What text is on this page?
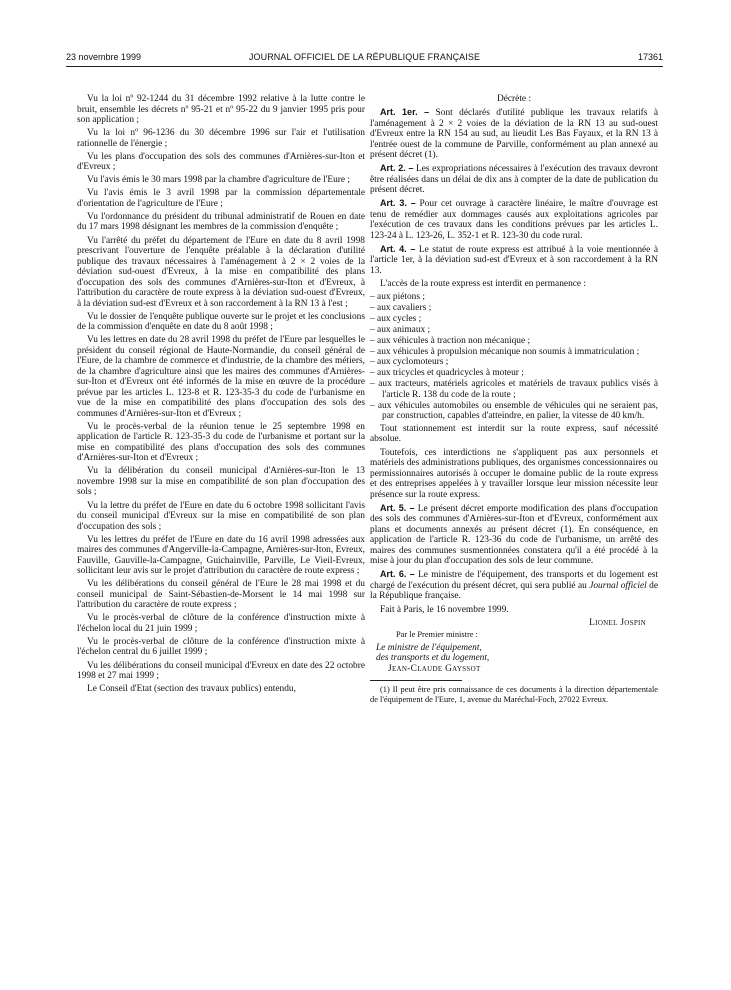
23 novembre 1999	JOURNAL OFFICIEL DE LA RÉPUBLIQUE FRANÇAISE	17361

Vu la loi nº 92-1244 du 31 décembre 1992 relative à la lutte contre le bruit, ensemble les décrets nº 95-21 et nº 95-22 du 9 janvier 1995 pris pour son application ;

Vu la loi nº 96-1236 du 30 décembre 1996 sur l'air et l'utilisation rationnelle de l'énergie ;

Vu les plans d'occupation des sols des communes d'Arnières-sur-Iton et d'Evreux ;

Vu l'avis émis le 30 mars 1998 par la chambre d'agriculture de l'Eure ;

Vu l'avis émis le 3 avril 1998 par la commission départementale d'orientation de l'agriculture de l'Eure ;

Vu l'ordonnance du président du tribunal administratif de Rouen en date du 17 mars 1998 désignant les membres de la commission d'enquête ;

Vu l'arrêté du préfet du département de l'Eure en date du 8 avril 1998 prescrivant l'ouverture de l'enquête préalable à la déclaration d'utilité publique des travaux nécessaires à l'aménagement à 2 × 2 voies de la déviation sud-ouest d'Evreux, à la mise en compatibilité des plans d'occupation des sols des communes d'Arnières-sur-Iton et d'Evreux, à l'attribution du caractère de route express à la déviation sud-ouest d'Evreux, à la déviation sud-est d'Evreux et à son raccordement à la RN 13 à l'est ;

Vu le dossier de l'enquête publique ouverte sur le projet et les conclusions de la commission d'enquête en date du 8 août 1998 ;

Vu les lettres en date du 28 avril 1998 du préfet de l'Eure par lesquelles le président du conseil régional de Haute-Normandie, du conseil général de l'Eure, de la chambre de commerce et d'industrie, de la chambre des métiers, de la chambre d'agriculture ainsi que les maires des communes d'Arnières-sur-Iton et d'Evreux ont été informés de la mise en œuvre de la procédure prévue par les articles L. 123-8 et R. 123-35-3 du code de l'urbanisme en vue de la mise en compatibilité des plans d'occupation des sols des communes d'Arnières-sur-Iton et d'Evreux ;

Vu le procès-verbal de la réunion tenue le 25 septembre 1998 en application de l'article R. 123-35-3 du code de l'urbanisme et portant sur la mise en compatibilité des plans d'occupation des sols des communes d'Arnières-sur-Iton et d'Evreux ;

Vu la délibération du conseil municipal d'Arnières-sur-Iton le 13 novembre 1998 sur la mise en compatibilité de son plan d'occupation des sols ;

Vu la lettre du préfet de l'Eure en date du 6 octobre 1998 sollicitant l'avis du conseil municipal d'Evreux sur la mise en compatibilité de son plan d'occupation des sols ;

Vu les lettres du préfet de l'Eure en date du 16 avril 1998 adressées aux maires des communes d'Angerville-la-Campagne, Arnières-sur-Iton, Evreux, Fauville, Gauville-la-Campagne, Guichainville, Parville, Le Vieil-Evreux, sollicitant leur avis sur le projet d'attribution du caractère de route express ;

Vu les délibérations du conseil général de l'Eure le 28 mai 1998 et du conseil municipal de Saint-Sébastien-de-Morsent le 14 mai 1998 sur l'attribution du caractère de route express ;

Vu le procès-verbal de clôture de la conférence d'instruction mixte à l'échelon local du 21 juin 1999 ;

Vu le procès-verbal de clôture de la conférence d'instruction mixte à l'échelon central du 6 juillet 1999 ;

Vu les délibérations du conseil municipal d'Evreux en date des 22 octobre 1998 et 27 mai 1999 ;

Le Conseil d'Etat (section des travaux publics) entendu,

Décrète :

Art. 1er. – Sont déclarés d'utilité publique les travaux relatifs à l'aménagement à 2 × 2 voies de la déviation de la RN 13 au sud-ouest d'Evreux entre la RN 154 au sud, au lieudit Les Bas Fayaux, et la RN 13 à l'entrée ouest de la commune de Parville, conformément au plan annexé au présent décret (1).

Art. 2. – Les expropriations nécessaires à l'exécution des travaux devront être réalisées dans un délai de dix ans à compter de la date de publication du présent décret.

Art. 3. – Pour cet ouvrage à caractère linéaire, le maître d'ouvrage est tenu de remédier aux dommages causés aux exploitations agricoles par l'exécution de ces travaux dans les conditions prévues par les articles L. 123-24 à L. 123-26, L. 352-1 et R. 123-30 du code rural.

Art. 4. – Le statut de route express est attribué à la voie mentionnée à l'article 1er, à la déviation sud-est d'Evreux et à son raccordement à la RN 13.

L'accès de la route express est interdit en permanence :

– aux piétons ;
– aux cavaliers ;
– aux cycles ;
– aux animaux ;
– aux véhicules à traction non mécanique ;
– aux véhicules à propulsion mécanique non soumis à immatriculation ;
– aux cyclomoteurs ;
– aux tricycles et quadricycles à moteur ;
– aux tracteurs, matériels agricoles et matériels de travaux publics visés à l'article R. 138 du code de la route ;
– aux véhicules automobiles ou ensemble de véhicules qui ne seraient pas, par construction, capables d'atteindre, en palier, la vitesse de 40 km/h.

Tout stationnement est interdit sur la route express, sauf nécessité absolue.

Toutefois, ces interdictions ne s'appliquent pas aux personnels et matériels des administrations publiques, des organismes concessionnaires ou permissionnaires autorisés à occuper le domaine public de la route express et des entreprises appelées à y travailler lorsque leur mission nécessite leur présence sur la route express.

Art. 5. – Le présent décret emporte modification des plans d'occupation des sols des communes d'Arnières-sur-Iton et d'Evreux, conformément aux plans et documents annexés au présent décret (1). En conséquence, en application de l'article R. 123-36 du code de l'urbanisme, un arrêté des maires des communes susmentionnées constatera qu'il a été procédé à la mise à jour du plan d'occupation des sols de leur commune.

Art. 6. – Le ministre de l'équipement, des transports et du logement est chargé de l'exécution du présent décret, qui sera publié au Journal officiel de la République française.

Fait à Paris, le 16 novembre 1999.

Lionel Jospin
Par le Premier ministre :
Le ministre de l'équipement,
des transports et du logement,
Jean-Claude Gayssot

(1) Il peut être pris connaissance de ces documents à la direction départementale de l'équipement de l'Eure, 1, avenue du Maréchal-Foch, 27022 Evreux.
